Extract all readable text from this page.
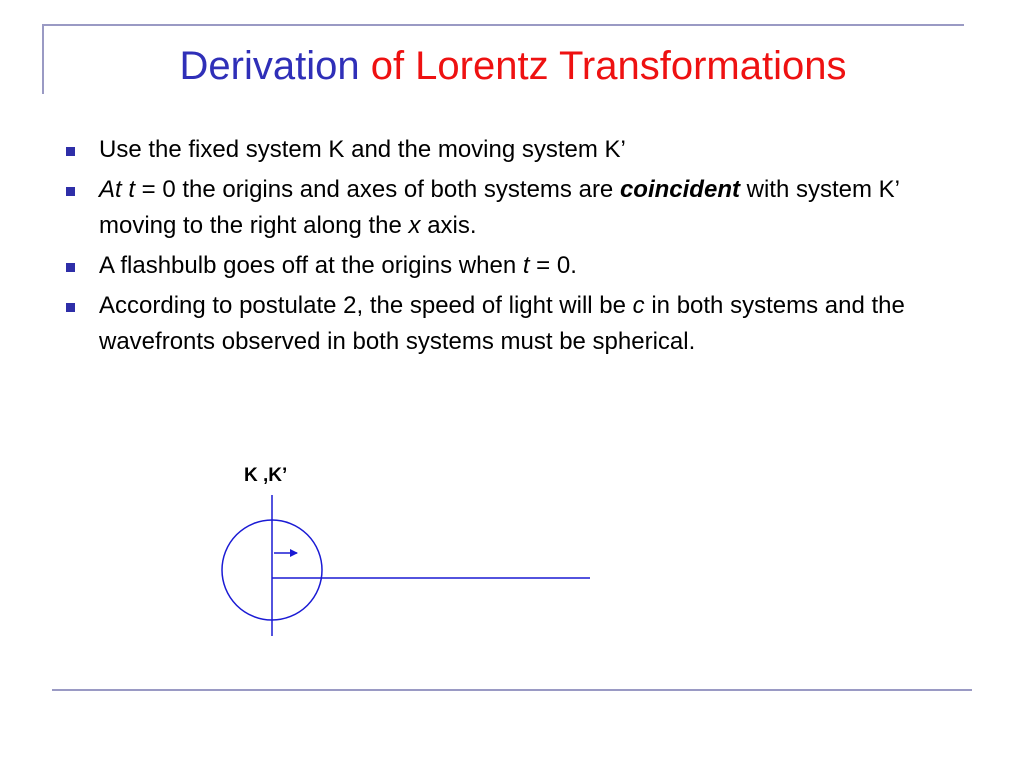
Derivation of Lorentz Transformations
Use the fixed system K and the moving system K’
At t = 0 the origins and axes of both systems are coincident with system K’ moving to the right along the x axis.
A flashbulb goes off at the origins when t = 0.
According to postulate 2, the speed of light will be c in both systems and the wavefronts observed in both systems must be spherical.
K ,K’
